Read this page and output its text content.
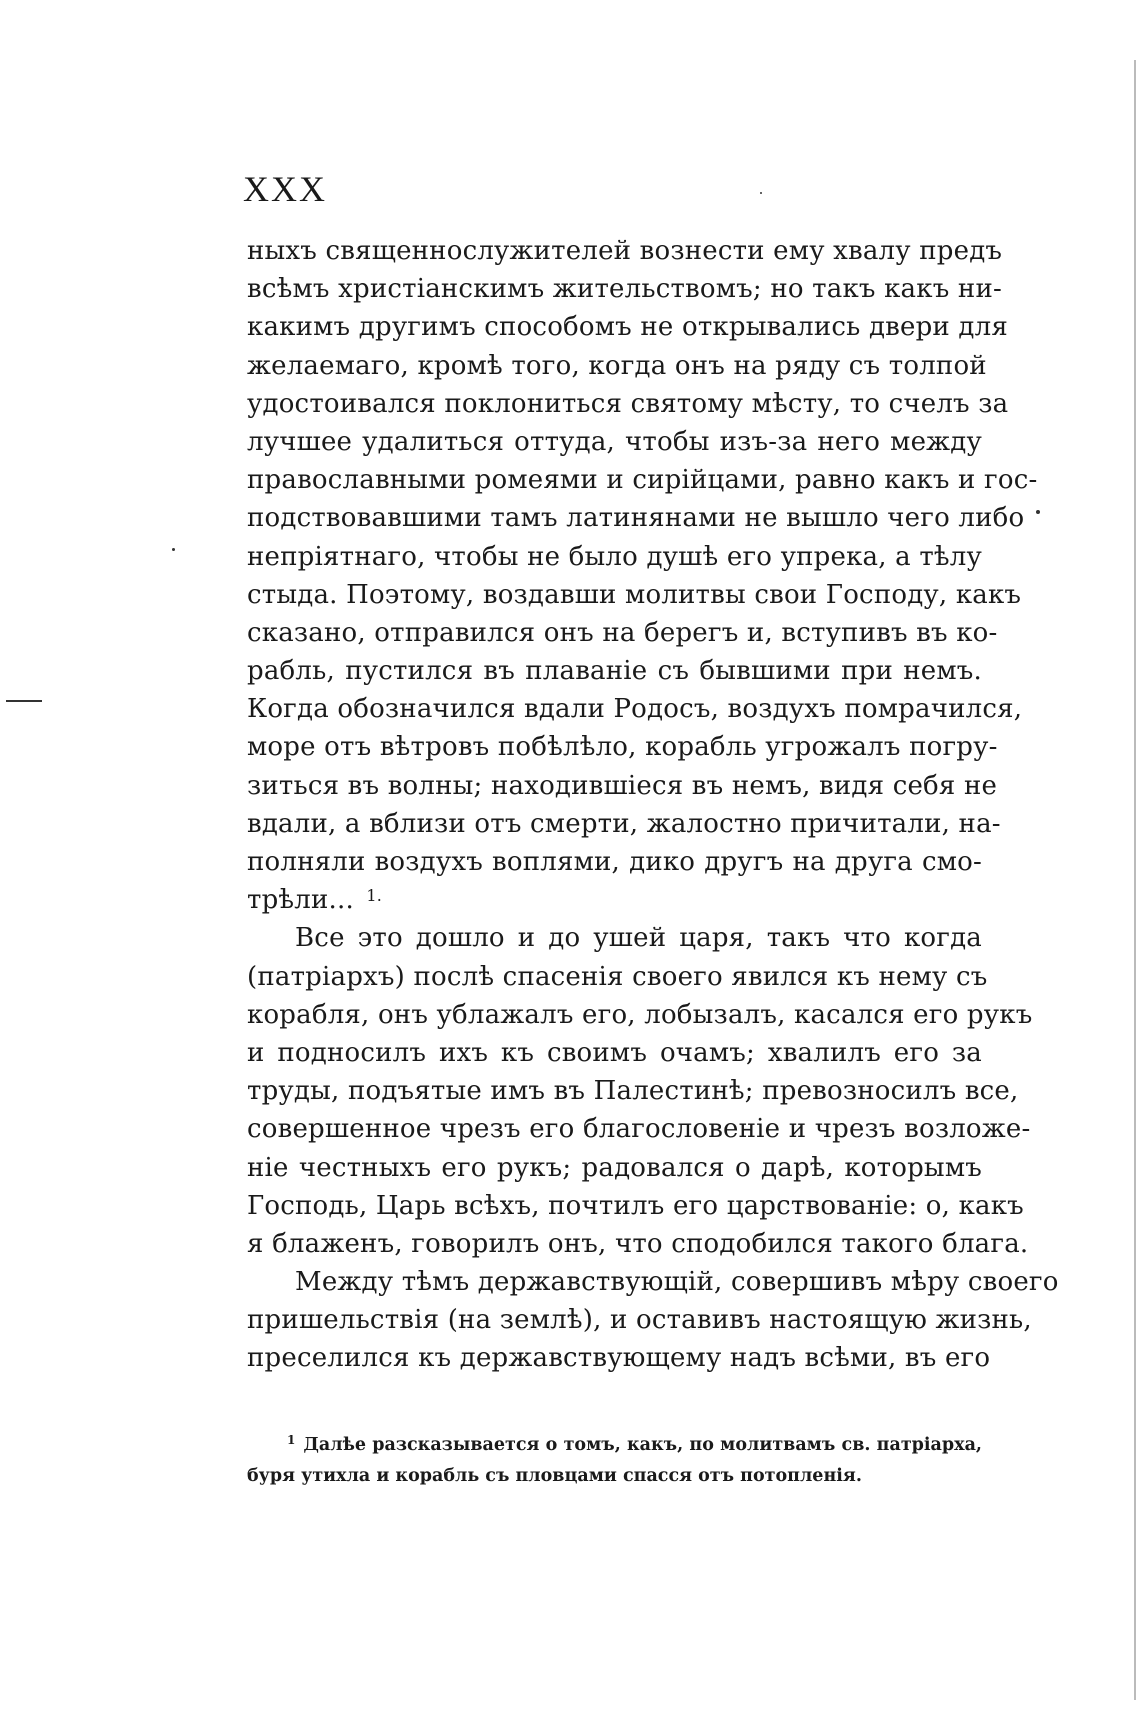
XXX
ныхъ священнослужителей вознести ему хвалу предъ
всѣмъ христіанскимъ жительствомъ; но такъ какъ ни-
какимъ другимъ способомъ не открывались двери для
желаемаго, кромѣ того, когда онъ на ряду съ толпой
удостоивался поклониться святому мѣсту, то счелъ за
лучшее удалиться оттуда, чтобы изъ-за него между
православными ромеями и сирійцами, равно какъ и гос-
подствовавшими тамъ латинянами не вышло чего либо
непріятнаго, чтобы не было душѣ его упрека, а тѣлу
стыда. Поэтому, воздавши молитвы свои Господу, какъ
сказано, отправился онъ на берегъ и, вступивъ въ ко-
рабль, пустился въ плаваніе съ бывшими при немъ.
Когда обозначился вдали Родосъ, воздухъ помрачился,
море отъ вѣтровъ побѣлѣло, корабль угрожалъ погру-
зиться въ волны; находившіеся въ немъ, видя себя не
вдали, а вблизи отъ смерти, жалостно причитали, на-
полняли воздухъ воплями, дико другъ на друга смо-
трѣли... $^{1.}$
Все это дошло и до ушей царя, такъ что когда
(патріархъ) послѣ спасенія своего явился къ нему съ
корабля, онъ ублажалъ его, лобызалъ, касался его рукъ
и подносилъ ихъ къ своимъ очамъ; хвалилъ его за
труды, подъятые имъ въ Палестинѣ; превозносилъ все,
совершенное чрезъ его благословеніе и чрезъ возложе-
ніе честныхъ его рукъ; радовался о дарѣ, которымъ
Господь, Царь всѣхъ, почтилъ его царствованіе: о, какъ
я блаженъ, говорилъ онъ, что сподобился такого блага.
Между тѣмъ державствующій, совершивъ мѣру своего
пришельствія (на землѣ), и оставивъ настоящую жизнь,
преселился къ державствующему надъ всѣми, въ его
$^1$ Далѣе разсказывается о томъ, какъ, по молитвамъ св. патріарха,
буря утихла и корабль съ пловцами спасся отъ потопленія.
